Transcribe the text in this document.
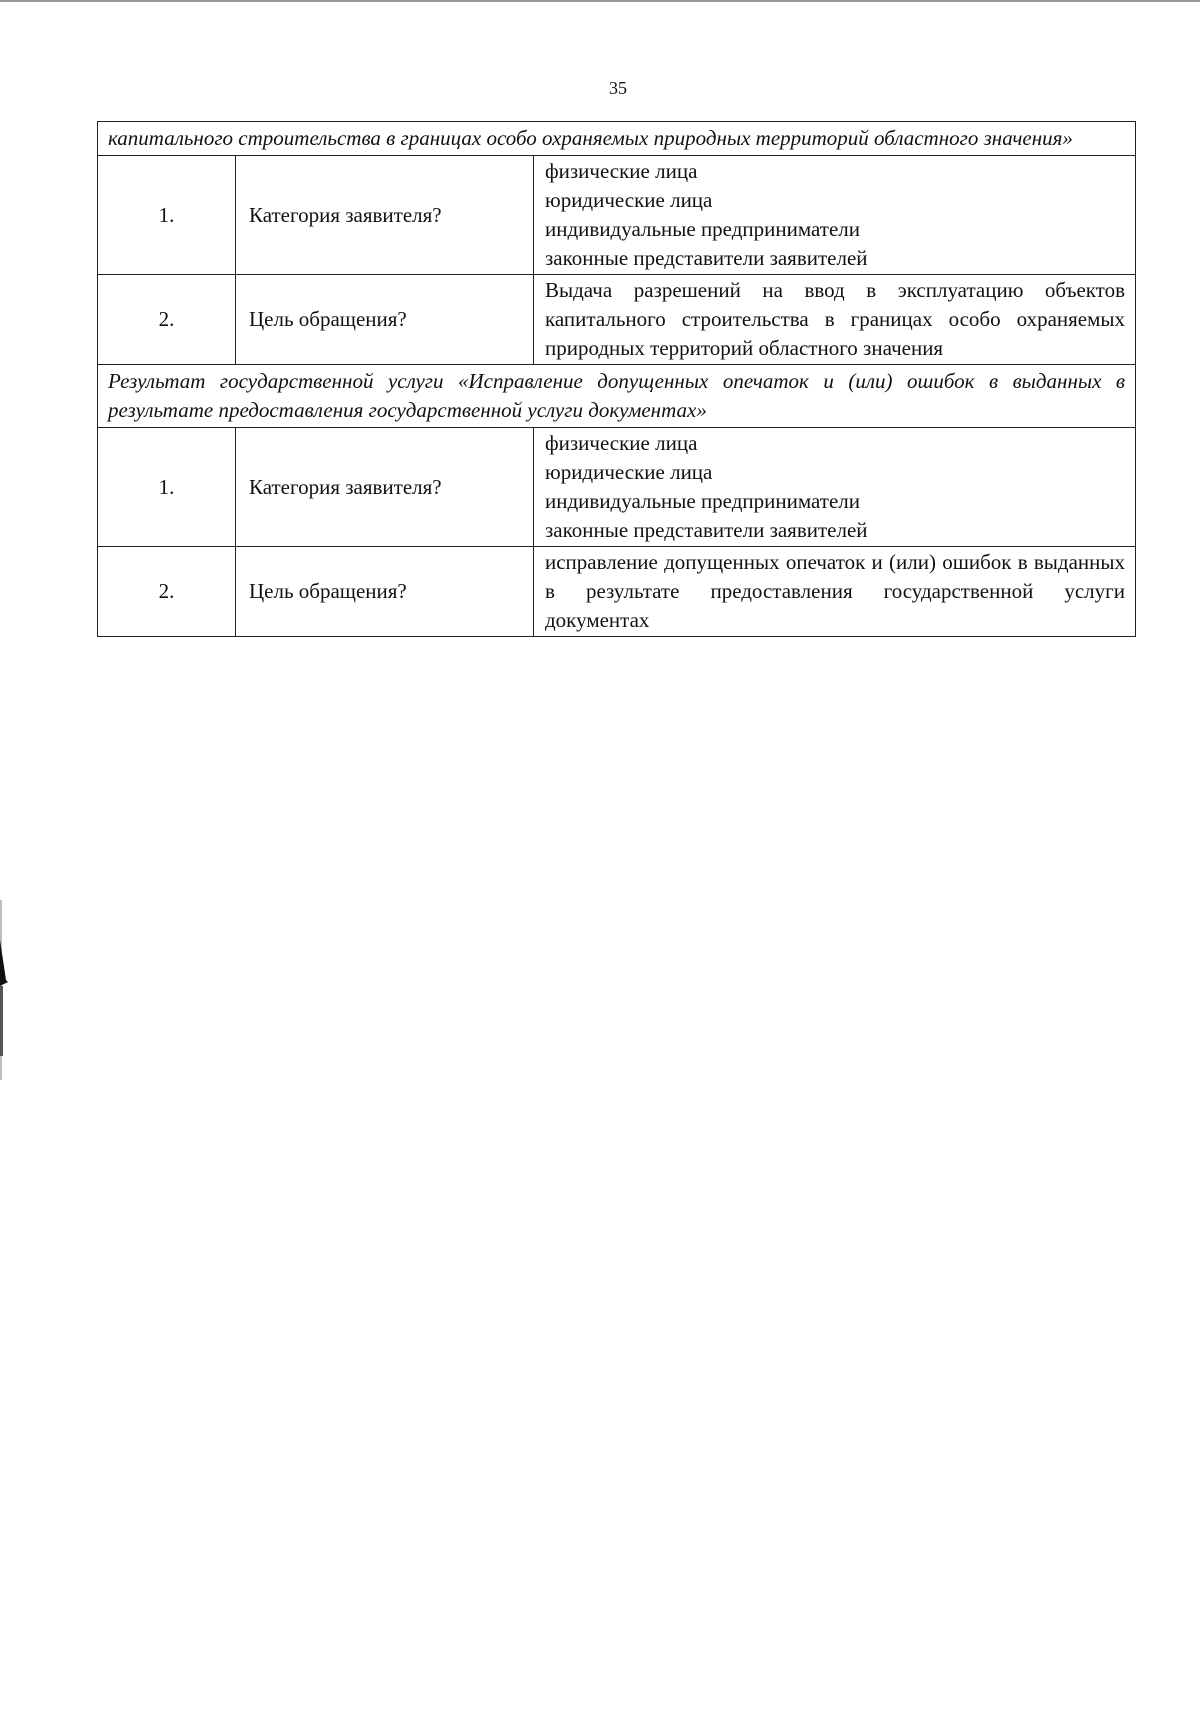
35
капитального строительства в границах особо охраняемых природных территорий областного значения»		
1.	Категория заявителя?	физические лица
юридические лица
индивидуальные предприниматели
законные представители заявителей

2.	Цель обращения?	Выдача разрешений на ввод в эксплуатацию объектов капитального строительства в границах особо охраняемых природных территорий областного значения

Результат государственной услуги «Исправление допущенных опечаток и (или) ошибок в выданных в результате предоставления государственной услуги документах»		
1.	Категория заявителя?	физические лица
юридические лица
индивидуальные предприниматели
законные представители заявителей

2.	Цель обращения?	исправление допущенных опечаток и (или) ошибок в выданных в результате предоставления государственной услуги документах
